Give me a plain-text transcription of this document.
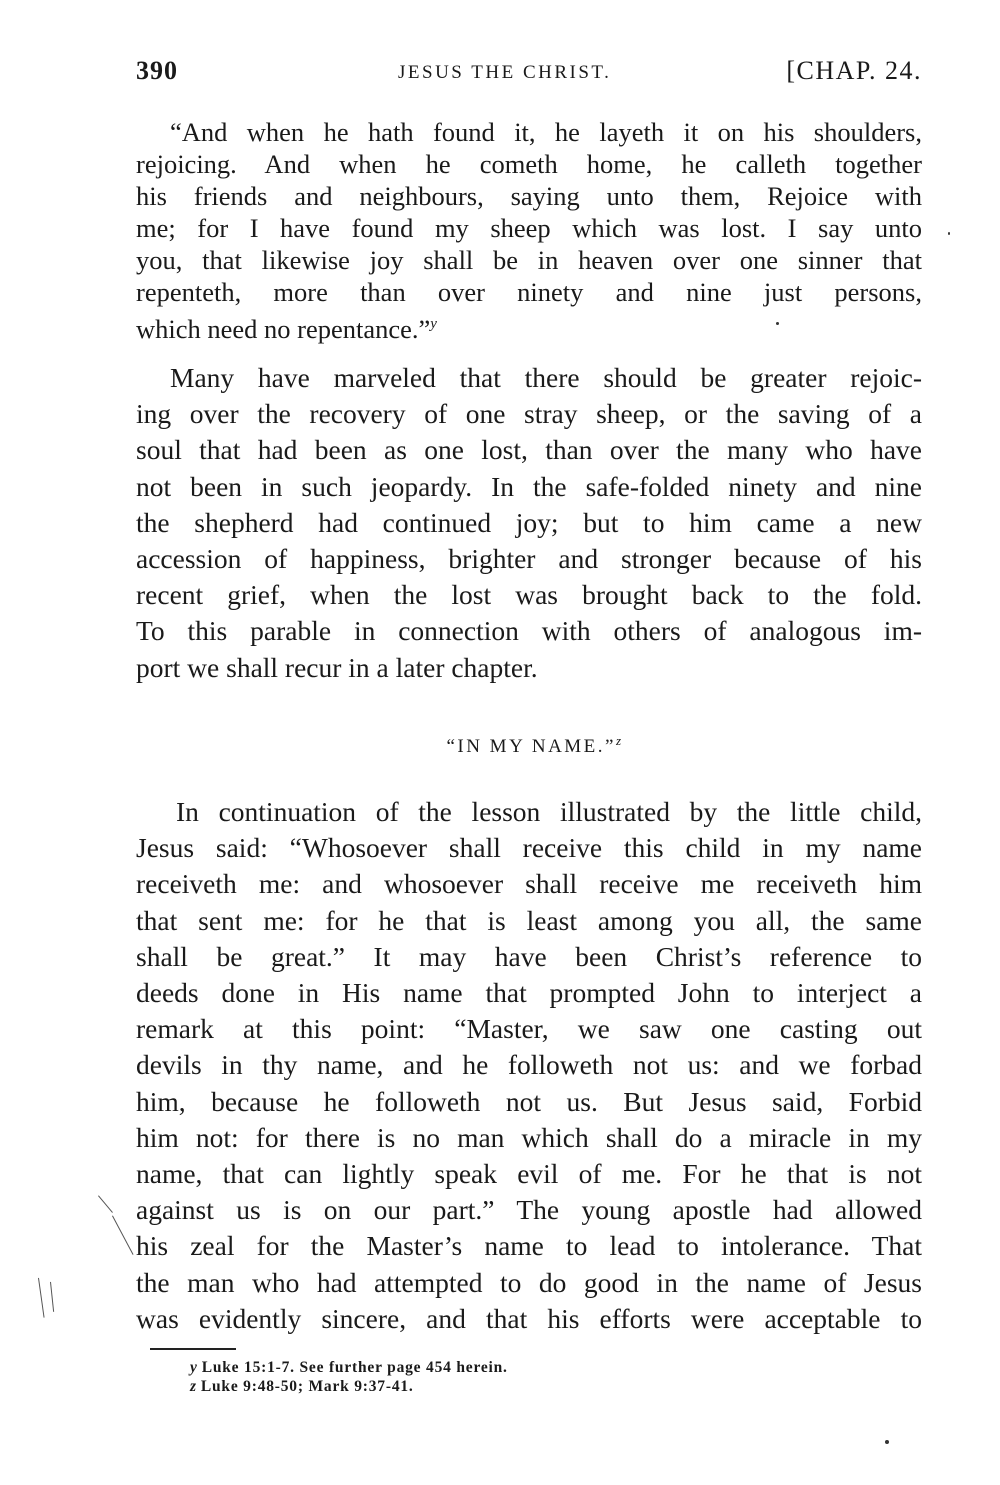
390	JESUS THE CHRIST.	[CHAP. 24.
“And when he hath found it, he layeth it on his shoulders,
rejoicing. And when he cometh home, he calleth together
his friends and neighbours, saying unto them, Rejoice with
me; for I have found my sheep which was lost. I say unto
you, that likewise joy shall be in heaven over one sinner that
repenteth, more than over ninety and nine just persons,
which need no repentance.”$^y$
Many have marveled that there should be greater rejoic-
ing over the recovery of one stray sheep, or the saving of a
soul that had been as one lost, than over the many who have
not been in such jeopardy. In the safe-folded ninety and nine
the shepherd had continued joy; but to him came a new
accession of happiness, brighter and stronger because of his
recent grief, when the lost was brought back to the fold.
To this parable in connection with others of analogous im-
port we shall recur in a later chapter.
“IN MY NAME.”$^z$
In continuation of the lesson illustrated by the little child,
Jesus said: “Whosoever shall receive this child in my name
receiveth me: and whosoever shall receive me receiveth him
that sent me: for he that is least among you all, the same
shall be great.” It may have been Christ’s reference to
deeds done in His name that prompted John to interject a
remark at this point: “Master, we saw one casting out
devils in thy name, and he followeth not us: and we forbad
him, because he followeth not us. But Jesus said, Forbid
him not: for there is no man which shall do a miracle in my
name, that can lightly speak evil of me. For he that is not
against us is on our part.” The young apostle had allowed
his zeal for the Master’s name to lead to intolerance. That
the man who had attempted to do good in the name of Jesus
was evidently sincere, and that his efforts were acceptable to
y Luke 15:1-7. See further page 454 herein.
z Luke 9:48-50; Mark 9:37-41.
